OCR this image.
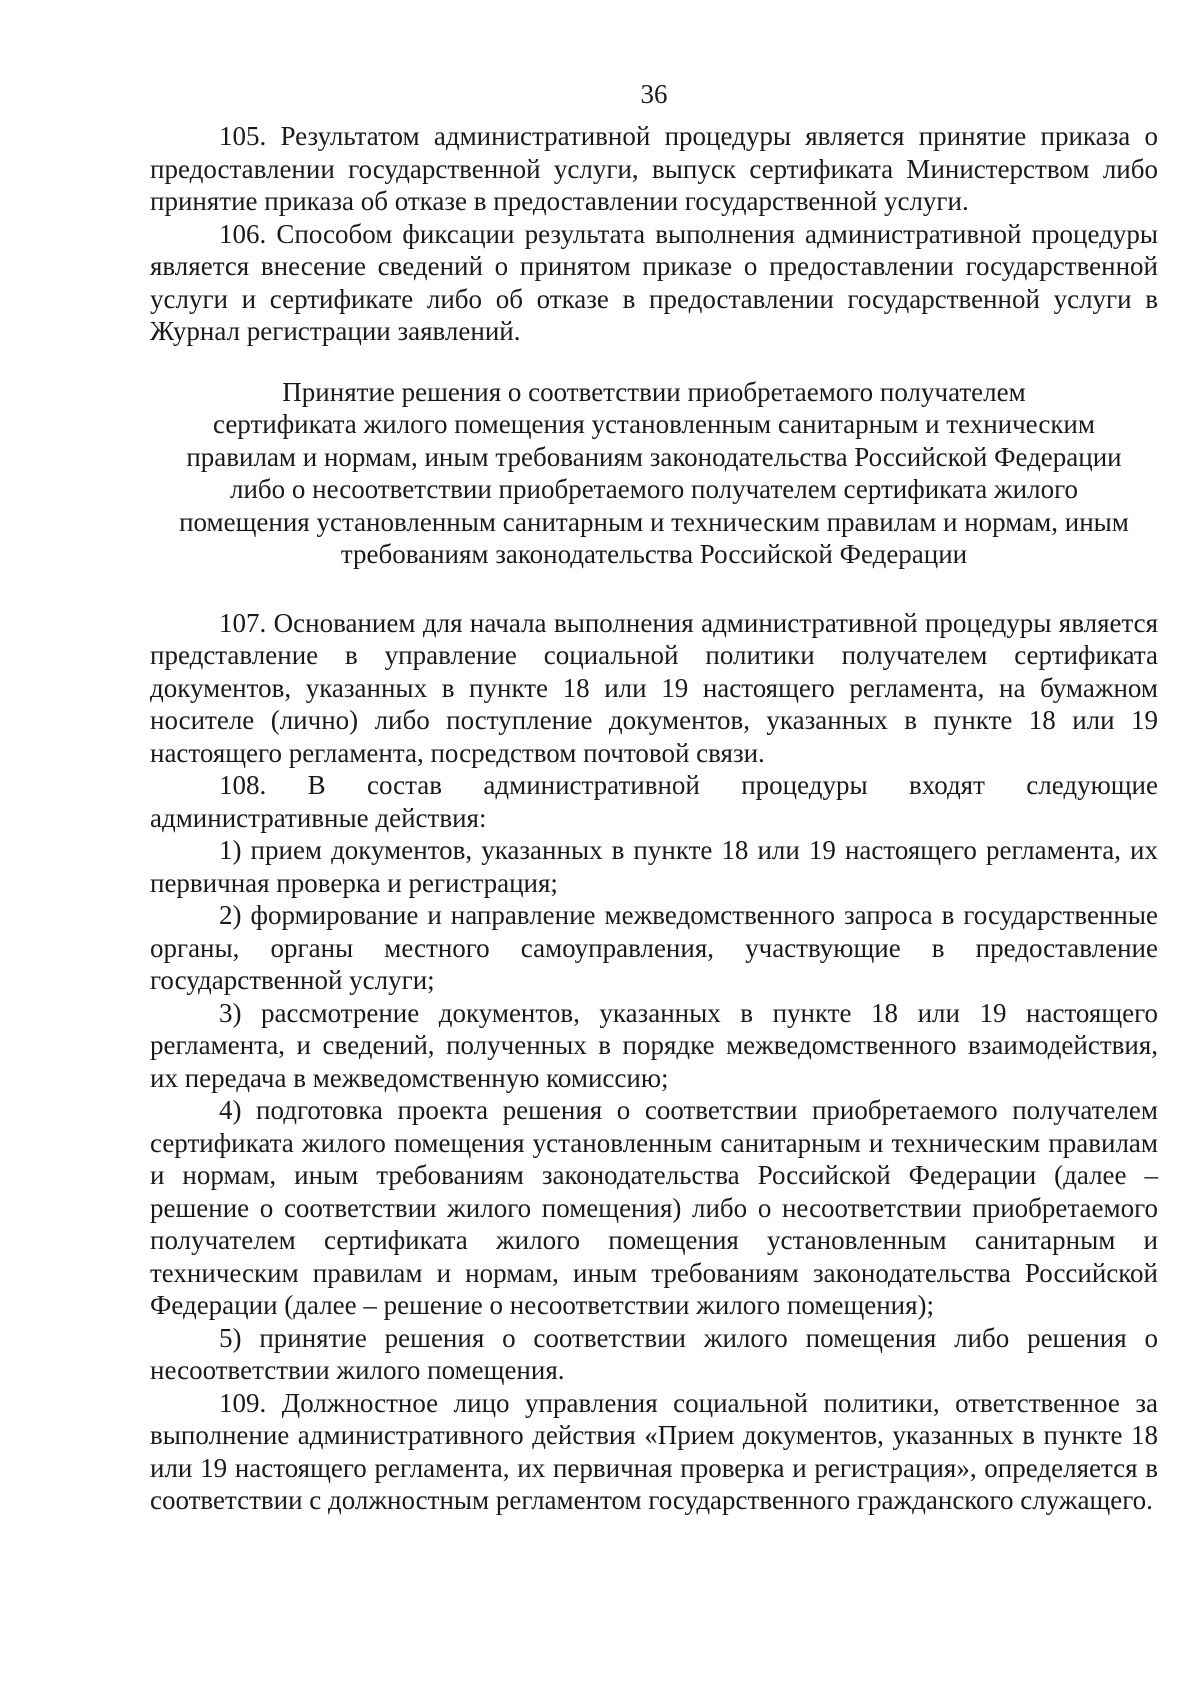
36

105. Результатом административной процедуры является принятие приказа о предоставлении государственной услуги, выпуск сертификата Министерством либо принятие приказа об отказе в предоставлении государственной услуги.

106. Способом фиксации результата выполнения административной процедуры является внесение сведений о принятом приказе о предоставлении государственной услуги и сертификате либо об отказе в предоставлении государственной услуги в Журнал регистрации заявлений.

Принятие решения о соответствии приобретаемого получателем
сертификата жилого помещения установленным санитарным и техническим
правилам и нормам, иным требованиям законодательства Российской Федерации
либо о несоответствии приобретаемого получателем сертификата жилого
помещения установленным санитарным и техническим правилам и нормам, иным
требованиям законодательства Российской Федерации

107. Основанием для начала выполнения административной процедуры является представление в управление социальной политики получателем сертификата документов, указанных в пункте 18 или 19 настоящего регламента, на бумажном носителе (лично) либо поступление документов, указанных в пункте 18 или 19 настоящего регламента, посредством почтовой связи.

108. В состав административной процедуры входят следующие административные действия:

1) прием документов, указанных в пункте 18 или 19 настоящего регламента, их первичная проверка и регистрация;

2) формирование и направление межведомственного запроса в государственные органы, органы местного самоуправления, участвующие в предоставление государственной услуги;

3) рассмотрение документов, указанных в пункте 18 или 19 настоящего регламента, и сведений, полученных в порядке межведомственного взаимодействия, их передача в межведомственную комиссию;

4) подготовка проекта решения о соответствии приобретаемого получателем сертификата жилого помещения установленным санитарным и техническим правилам и нормам, иным требованиям законодательства Российской Федерации (далее – решение о соответствии жилого помещения) либо о несоответствии приобретаемого получателем сертификата жилого помещения установленным санитарным и техническим правилам и нормам, иным требованиям законодательства Российской Федерации (далее – решение о несоответствии жилого помещения);

5) принятие решения о соответствии жилого помещения либо решения о несоответствии жилого помещения.

109. Должностное лицо управления социальной политики, ответственное за выполнение административного действия «Прием документов, указанных в пункте 18 или 19 настоящего регламента, их первичная проверка и регистрация», определяется в соответствии с должностным регламентом государственного гражданского служащего.
